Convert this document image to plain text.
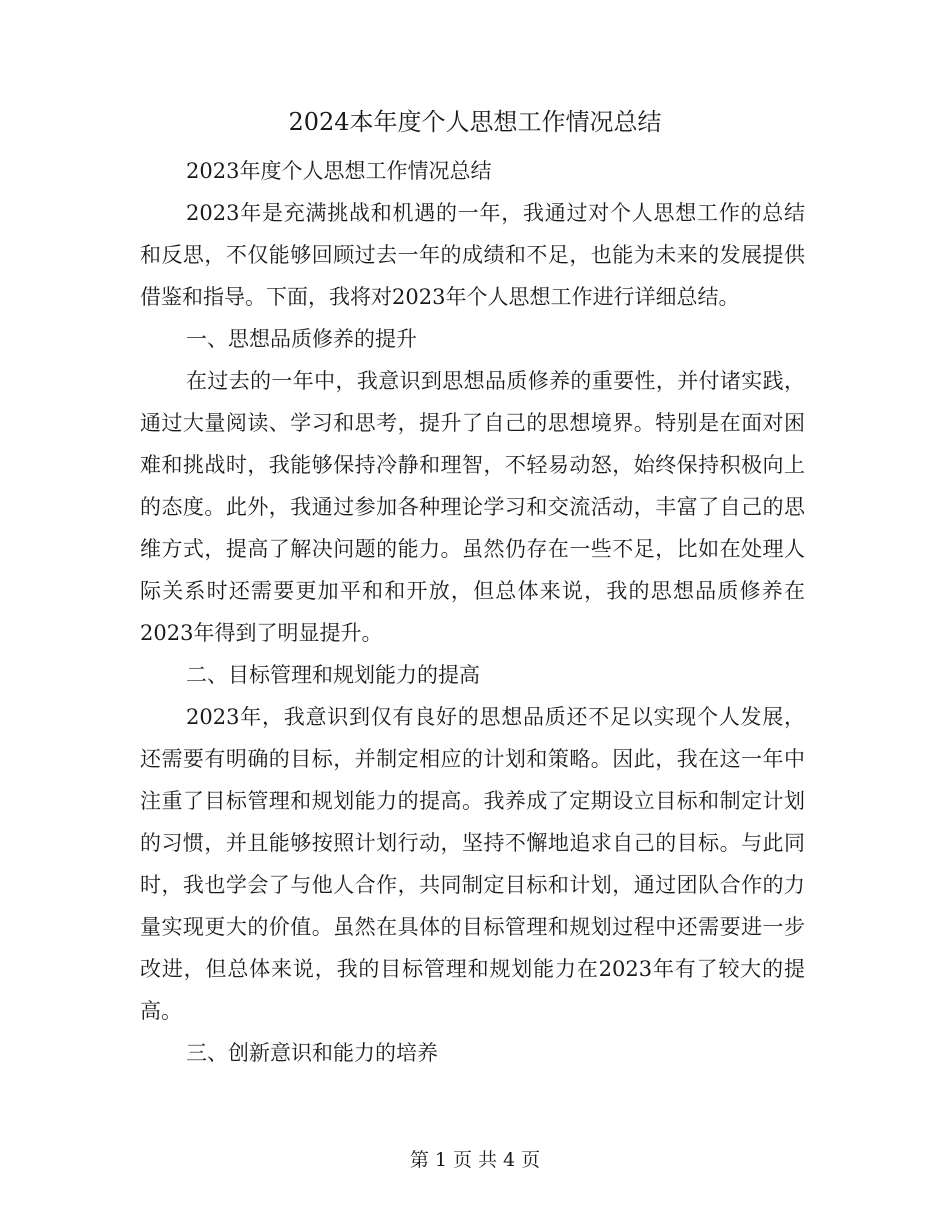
2024本年度个人思想工作情况总结

2023年度个人思想工作情况总结

2023年是充满挑战和机遇的一年，我通过对个人思想工作的总结和反思，不仅能够回顾过去一年的成绩和不足，也能为未来的发展提供借鉴和指导。下面，我将对2023年个人思想工作进行详细总结。

一、思想品质修养的提升

在过去的一年中，我意识到思想品质修养的重要性，并付诸实践，通过大量阅读、学习和思考，提升了自己的思想境界。特别是在面对困难和挑战时，我能够保持冷静和理智，不轻易动怒，始终保持积极向上的态度。此外，我通过参加各种理论学习和交流活动，丰富了自己的思维方式，提高了解决问题的能力。虽然仍存在一些不足，比如在处理人际关系时还需要更加平和和开放，但总体来说，我的思想品质修养在2023年得到了明显提升。

二、目标管理和规划能力的提高

2023年，我意识到仅有良好的思想品质还不足以实现个人发展，还需要有明确的目标，并制定相应的计划和策略。因此，我在这一年中注重了目标管理和规划能力的提高。我养成了定期设立目标和制定计划的习惯，并且能够按照计划行动，坚持不懈地追求自己的目标。与此同时，我也学会了与他人合作，共同制定目标和计划，通过团队合作的力量实现更大的价值。虽然在具体的目标管理和规划过程中还需要进一步改进，但总体来说，我的目标管理和规划能力在2023年有了较大的提高。

三、创新意识和能力的培养

第 1 页 共 4 页
